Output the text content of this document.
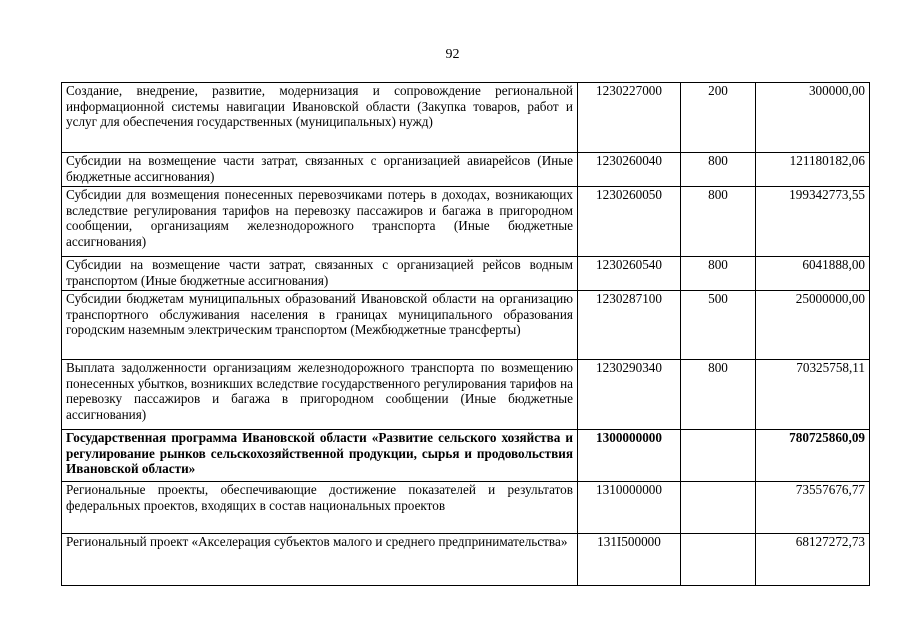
92
Создание, внедрение, развитие, модернизация и сопровождение региональной информационной системы навигации Ивановской области (Закупка товаров, работ и услуг для обеспечения государственных (муниципальных) нужд)	1230227000	200	300000,00
Субсидии на возмещение части затрат, связанных с организацией авиарейсов (Иные бюджетные ассигнования)	1230260040	800	121180182,06
Субсидии для возмещения понесенных перевозчиками потерь в доходах, возникающих вследствие регулирования тарифов на перевозку пассажиров и багажа в пригородном сообщении, организациям железнодорожного транспорта (Иные бюджетные ассигнования)	1230260050	800	199342773,55
Субсидии на возмещение части затрат, связанных с организацией рейсов водным транспортом (Иные бюджетные ассигнования)	1230260540	800	6041888,00
Субсидии бюджетам муниципальных образований Ивановской области на организацию транспортного обслуживания населения в границах муниципального образования городским наземным электрическим транспортом (Межбюджетные трансферты)	1230287100	500	25000000,00
Выплата задолженности организациям железнодорожного транспорта по возмещению понесенных убытков, возникших вследствие государственного регулирования тарифов на перевозку пассажиров и багажа в пригородном сообщении (Иные бюджетные ассигнования)	1230290340	800	70325758,11
Государственная программа Ивановской области «Развитие сельского хозяйства и регулирование рынков сельскохозяйственной продукции, сырья и продовольствия Ивановской области»	1300000000		780725860,09
Региональные проекты, обеспечивающие достижение показателей и результатов федеральных проектов, входящих в состав национальных проектов	1310000000		73557676,77
Региональный проект «Акселерация субъектов малого и среднего предпринимательства»	131I500000		68127272,73
